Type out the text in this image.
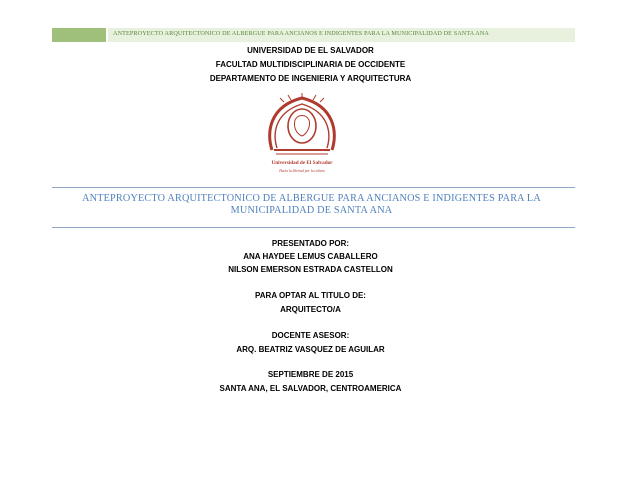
ANTEPROYECTO ARQUITECTONICO DE ALBERGUE PARA ANCIANOS E INDIGENTES PARA LA MUNICIPALIDAD DE SANTA ANA
UNIVERSIDAD DE EL SALVADOR
FACULTAD MULTIDISCIPLINARIA DE OCCIDENTE
DEPARTAMENTO DE INGENIERIA Y ARQUITECTURA
Universidad de El Salvador
Hacia la libertad por la cultura
ANTEPROYECTO ARQUITECTONICO DE ALBERGUE PARA ANCIANOS E INDIGENTES PARA LA
MUNICIPALIDAD DE SANTA ANA
PRESENTADO POR:
ANA HAYDEE LEMUS CABALLERO
NILSON EMERSON ESTRADA CASTELLON
PARA OPTAR AL TITULO DE:
ARQUITECTO/A
DOCENTE ASESOR:
ARQ. BEATRIZ VASQUEZ DE AGUILAR
SEPTIEMBRE DE 2015
SANTA ANA, EL SALVADOR, CENTROAMERICA
